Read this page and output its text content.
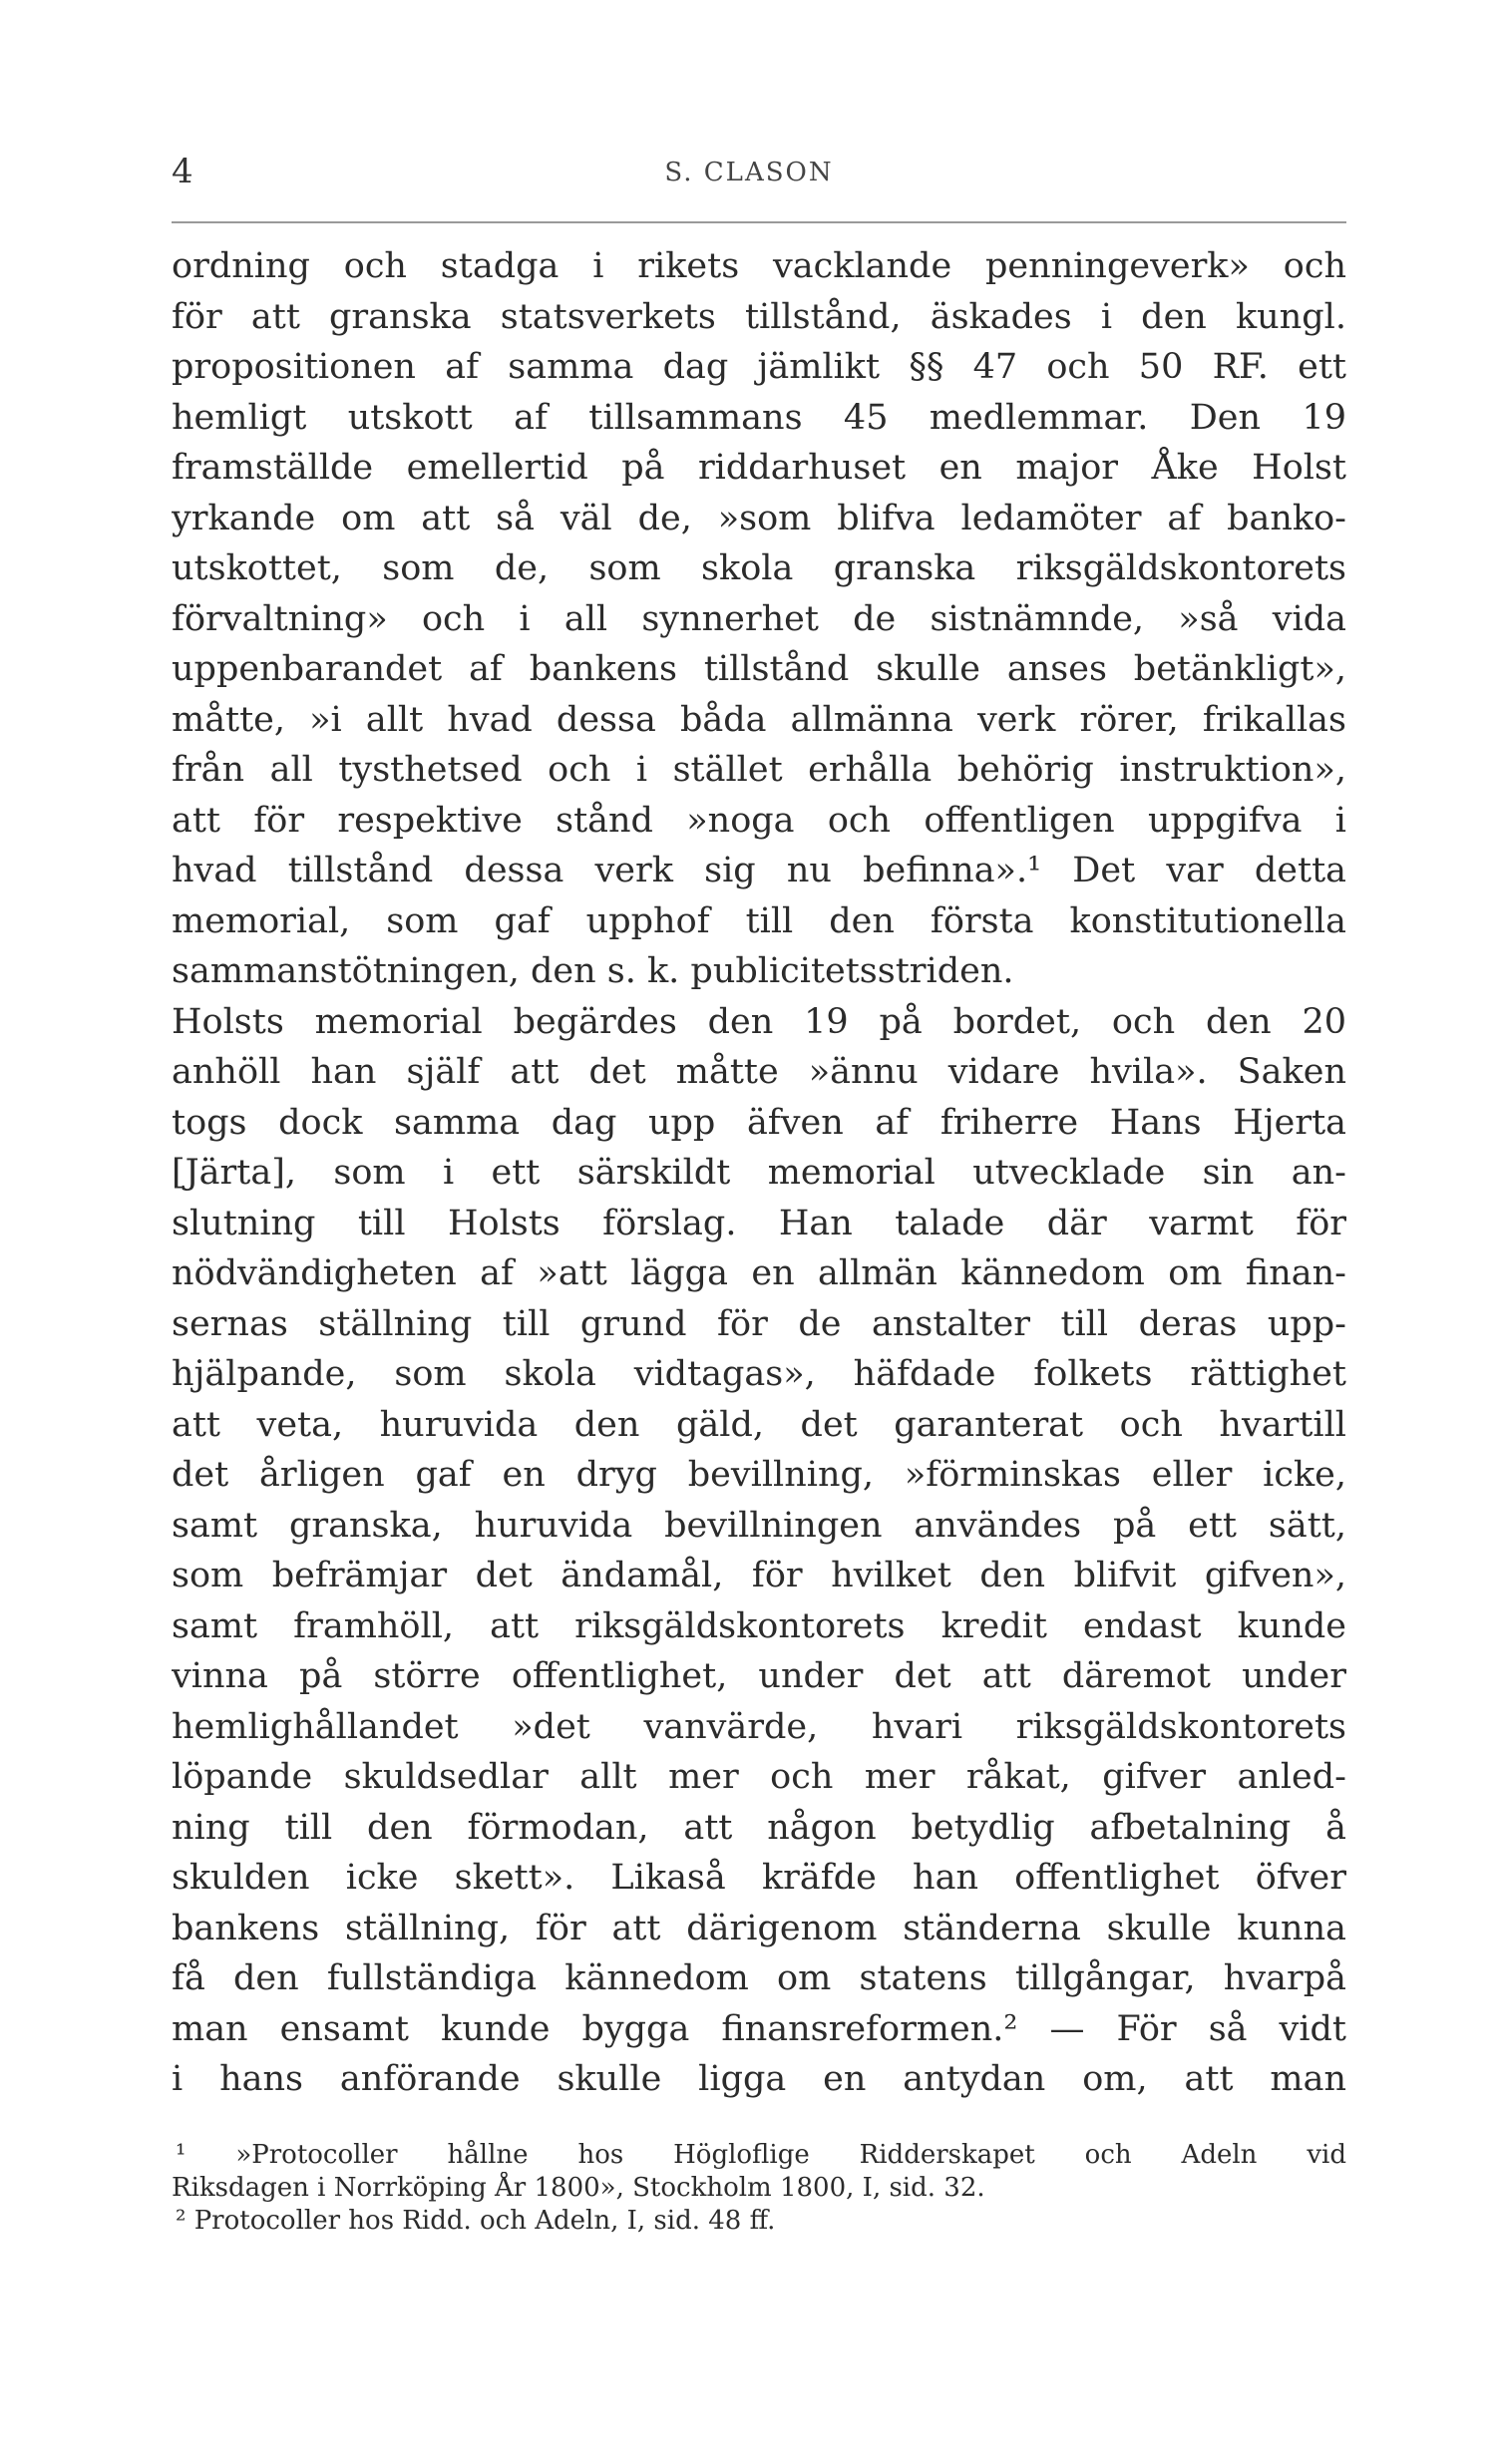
4	S. CLASON
ordning och stadga i rikets vacklande penningeverk» och
för att granska statsverkets tillstånd, äskades i den kungl.
propositionen af samma dag jämlikt §§ 47 och 50 RF. ett
hemligt utskott af tillsammans 45 medlemmar. Den 19
framställde emellertid på riddarhuset en major Åke Holst
yrkande om att så väl de, »som blifva ledamöter af banko-
utskottet, som de, som skola granska riksgäldskontorets
förvaltning» och i all synnerhet de sistnämnde, »så vida
uppenbarandet af bankens tillstånd skulle anses betänkligt»,
måtte, »i allt hvad dessa båda allmänna verk rörer, frikallas
från all tysthetsed och i stället erhålla behörig instruktion»,
att för respektive stånd »noga och offentligen uppgifva i
hvad tillstånd dessa verk sig nu befinna».¹ Det var detta
memorial, som gaf upphof till den första konstitutionella
sammanstötningen, den s. k. publicitetsstriden.
Holsts memorial begärdes den 19 på bordet, och den 20
anhöll han själf att det måtte »ännu vidare hvila». Saken
togs dock samma dag upp äfven af friherre Hans Hjerta
[Järta], som i ett särskildt memorial utvecklade sin an-
slutning till Holsts förslag. Han talade där varmt för
nödvändigheten af »att lägga en allmän kännedom om finan-
sernas ställning till grund för de anstalter till deras upp-
hjälpande, som skola vidtagas», häfdade folkets rättighet
att veta, huruvida den gäld, det garanterat och hvartill
det årligen gaf en dryg bevillning, »förminskas eller icke,
samt granska, huruvida bevillningen användes på ett sätt,
som befrämjar det ändamål, för hvilket den blifvit gifven»,
samt framhöll, att riksgäldskontorets kredit endast kunde
vinna på större offentlighet, under det att däremot under
hemlighållandet »det vanvärde, hvari riksgäldskontorets
löpande skuldsedlar allt mer och mer råkat, gifver anled-
ning till den förmodan, att någon betydlig afbetalning å
skulden icke skett». Likaså kräfde han offentlighet öfver
bankens ställning, för att därigenom ständerna skulle kunna
få den fullständiga kännedom om statens tillgångar, hvarpå
man ensamt kunde bygga finansreformen.² — För så vidt
i hans anförande skulle ligga en antydan om, att man
¹ »Protocoller hållne hos Högloflige Ridderskapet och Adeln vid
Riksdagen i Norrköping År 1800», Stockholm 1800, I, sid. 32.
² Protocoller hos Ridd. och Adeln, I, sid. 48 ff.
